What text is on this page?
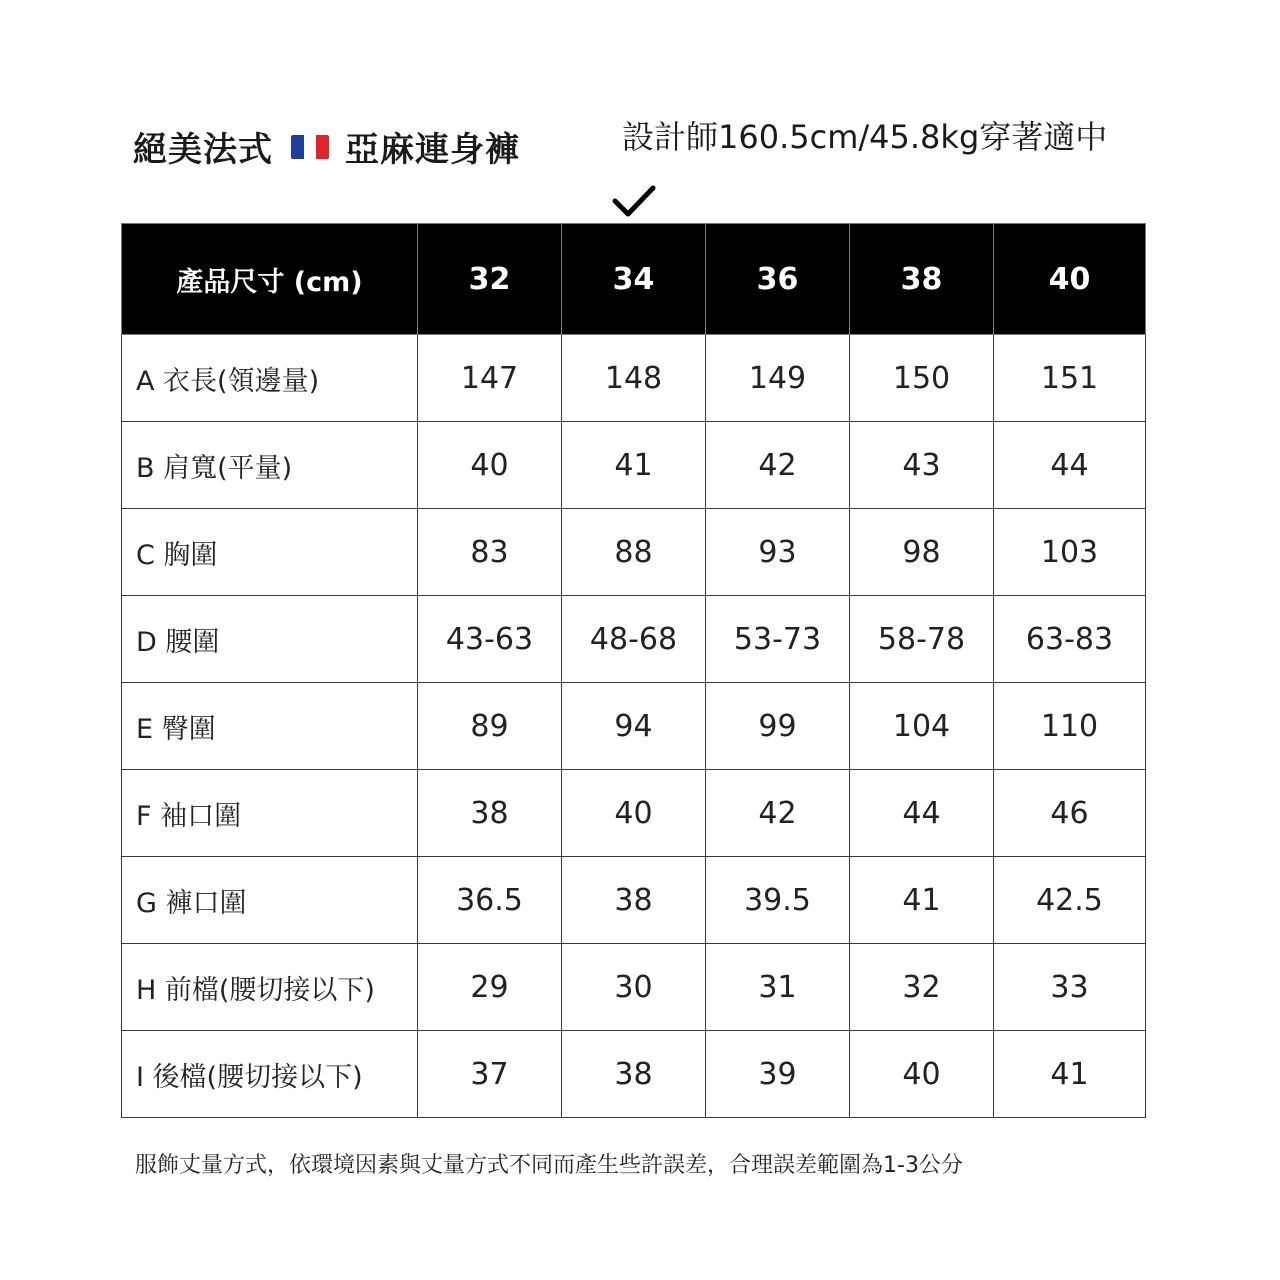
絕美法式 亞麻連身褲	設計師160.5cm/45.8kg穿著適中
產品尺寸 (cm)	32	34	36	38	40
A 衣長(領邊量)	147	148	149	150	151
B 肩寬(平量)	40	41	42	43	44
C 胸圍	83	88	93	98	103
D 腰圍	43-63	48-68	53-73	58-78	63-83
E 臀圍	89	94	99	104	110
F 袖口圍	38	40	42	44	46
G 褲口圍	36.5	38	39.5	41	42.5
H 前檔(腰切接以下)	29	30	31	32	33
I 後檔(腰切接以下)	37	38	39	40	41
服飾丈量方式，依環境因素與丈量方式不同而產生些許誤差，合理誤差範圍為1-3公分
